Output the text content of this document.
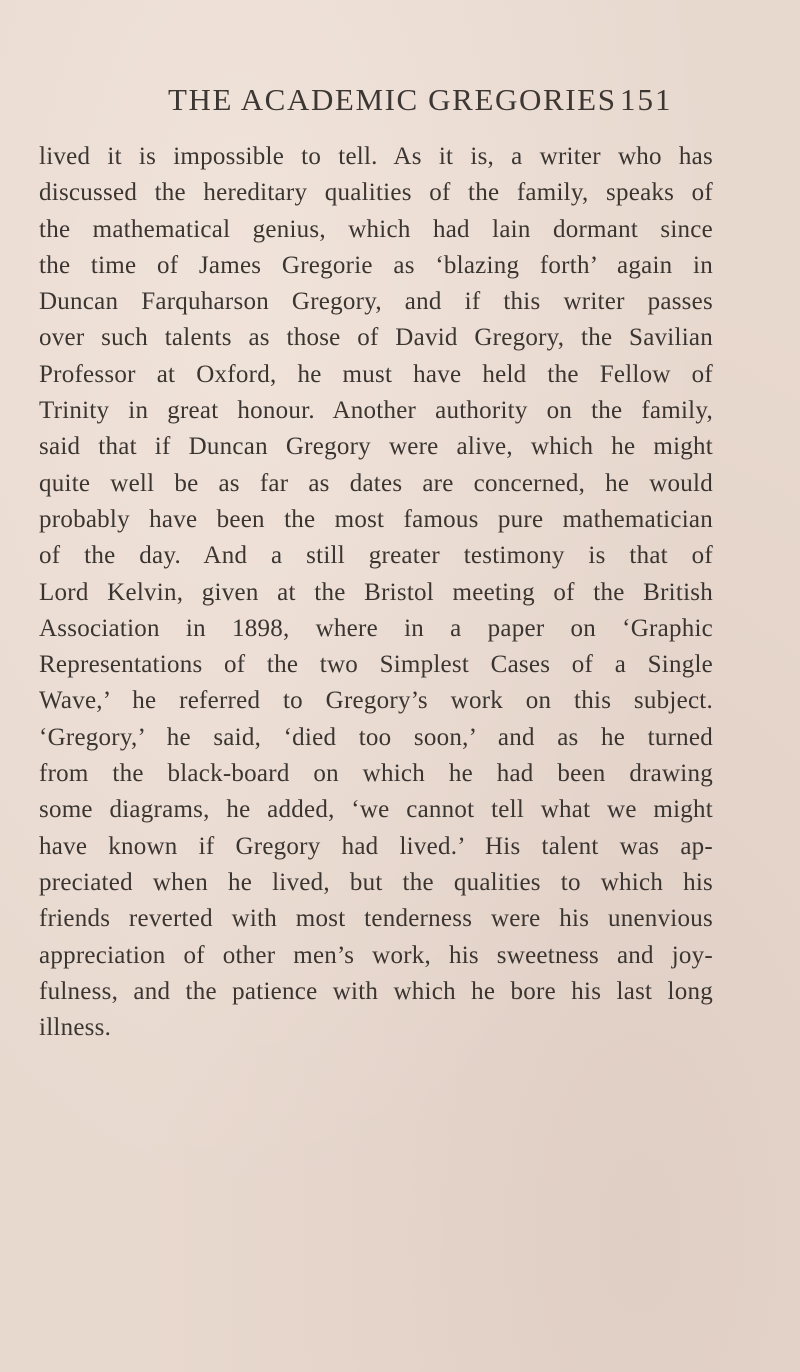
THE ACADEMIC GREGORIES 151
lived it is impossible to tell. As it is, a writer who has
discussed the hereditary qualities of the family, speaks of
the mathematical genius, which had lain dormant since
the time of James Gregorie as ‘blazing forth’ again in
Duncan Farquharson Gregory, and if this writer passes
over such talents as those of David Gregory, the Savilian
Professor at Oxford, he must have held the Fellow of
Trinity in great honour. Another authority on the family,
said that if Duncan Gregory were alive, which he might
quite well be as far as dates are concerned, he would
probably have been the most famous pure mathematician
of the day. And a still greater testimony is that of
Lord Kelvin, given at the Bristol meeting of the British
Association in 1898, where in a paper on ‘Graphic
Representations of the two Simplest Cases of a Single
Wave,’ he referred to Gregory’s work on this subject.
‘Gregory,’ he said, ‘died too soon,’ and as he turned
from the black-board on which he had been drawing
some diagrams, he added, ‘we cannot tell what we might
have known if Gregory had lived.’ His talent was ap-
preciated when he lived, but the qualities to which his
friends reverted with most tenderness were his unenvious
appreciation of other men’s work, his sweetness and joy-
fulness, and the patience with which he bore his last long
illness.
